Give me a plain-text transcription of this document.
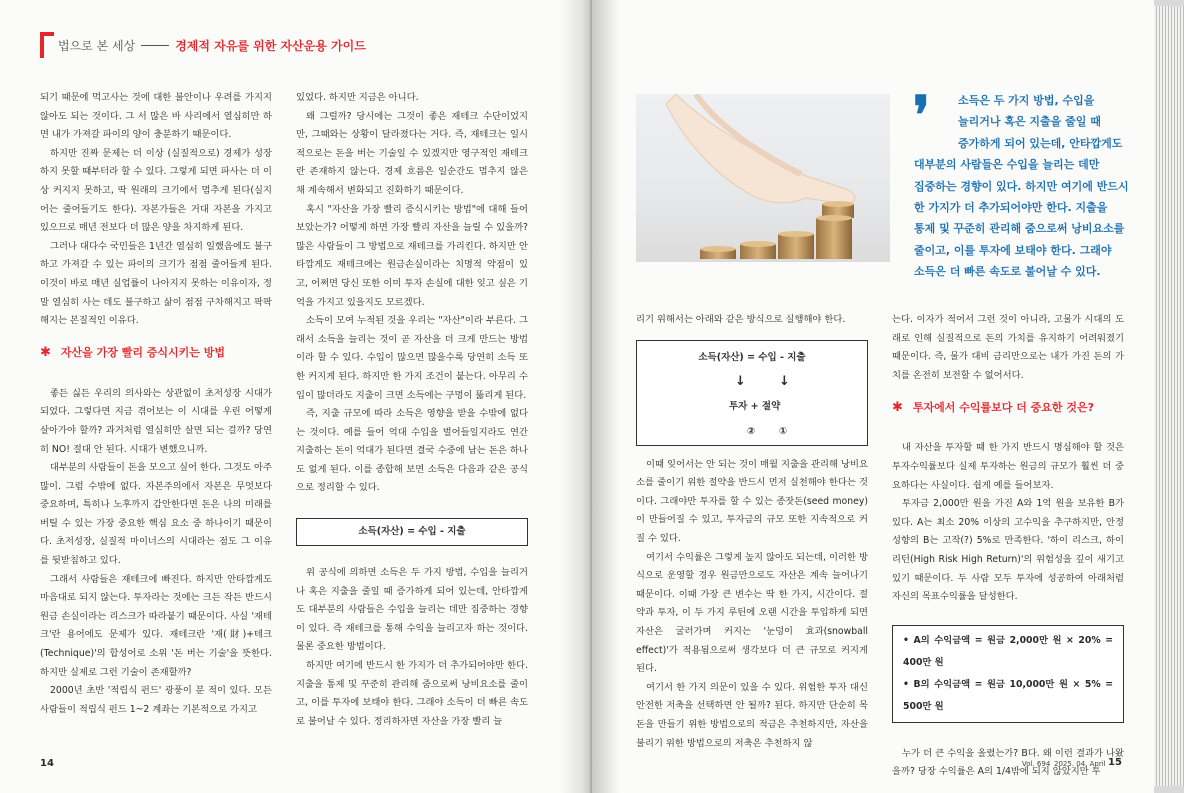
법으로 본 세상	경제적 자유를 위한 자산운용 가이드

되기 때문에 먹고사는 것에 대한 불안이나 우려를 가지지 않아도 되는 것이다. 그 서 많은 바 사리에서 열심히만 하면 내가 가져갈 파이의 양이 충분하기 때문이다.

하지만 진짜 문제는 더 이상 (실질적으로) 경제가 성장하지 못할 때부터라 할 수 있다. 그렇게 되면 파사는 더 이상 커지지 못하고, 딱 원래의 크기에서 멈추게 된다(실지어는 줄어들기도 한다). 자본가들은 거대 자본을 가지고 있으므로 매년 전보다 더 많은 양을 차지하게 된다.

그러나 대다수 국민들은 1년간 열심히 일했음에도 불구하고 가져갈 수 있는 파이의 크기가 점점 줄어들게 된다. 이것이 바로 매년 실업률이 나아지지 못하는 이유이자, 정말 열심히 사는 데도 불구하고 삶이 점점 구차해지고 팍팍해지는 본질적인 이유다.

✱ 자산을 가장 빨리 증식시키는 방법

좋든 싫든 우리의 의사와는 상관없이 초저성장 시대가 되었다. 그렇다면 지금 겪어보는 이 시대를 우린 어떻게 살아가야 할까? 과거처럼 열심히만 살면 되는 걸까? 당연히 NO! 절대 안 된다. 시대가 변했으니까.

대부분의 사람들이 돈을 모으고 싶어 한다. 그것도 아주 많이. 그럼 수밖에 없다. 자본주의에서 자본은 무엇보다 중요하며, 특히나 노후까지 감안한다면 돈은 나의 미래를 버틸 수 있는 가장 중요한 핵심 요소 중 하나이기 때문이다. 초저성장, 실질적 마이너스의 시대라는 점도 그 이유를 뒷받침하고 있다.

그래서 사람들은 재테크에 빠진다. 하지만 안타깝게도 마음대로 되지 않는다. 투자라는 것에는 크든 작든 반드시 원금 손실이라는 리스크가 따라붙기 때문이다. 사실 '재테크'란 용어에도 문제가 있다. 재테크란 '재(財)+테크(Technique)'의 합성어로 소위 '돈 버는 기술'을 뜻한다. 하지만 실제로 그런 기술이 존재할까?

2000년 초반 '적립식 펀드' 광풍이 분 적이 있다. 모든 사람들이 적립식 펀드 1~2 계좌는 기본적으로 가지고

있었다. 하지만 지금은 아니다.

왜 그럴까? 당시에는 그것이 좋은 재테크 수단이었지만, 그때와는 상황이 달라졌다는 거다. 즉, 재테크는 일시적으로는 돈을 버는 기술일 수 있겠지만 영구적인 재테크란 존재하지 않는다. 경제 흐름은 일순간도 멈추지 않은 채 계속해서 변화되고 진화하기 때문이다.

혹시 "자산을 가장 빨리 증식시키는 방법"에 대해 들어 보았는가? 어떻게 하면 가장 빨리 자산을 늘릴 수 있을까? 많은 사람들이 그 방법으로 재테크를 가리킨다. 하지만 안타깝게도 재테크에는 원금손실이라는 치명적 약점이 있고, 어쩌면 당신 또한 이미 투자 손실에 대한 잊고 싶은 기억을 가지고 있을지도 모르겠다.

소득이 모여 누적된 것을 우리는 "자산"이라 부른다. 그래서 소득을 늘리는 것이 곧 자산을 더 크게 만드는 방법이라 할 수 있다. 수입이 많으면 많을수록 당연히 소득 또한 커지게 된다. 하지만 한 가지 조건이 붙는다. 아무리 수입이 많더라도 지출이 크면 소득에는 구멍이 뚫리게 된다.

즉, 지출 규모에 따라 소득은 영향을 받을 수밖에 없다는 것이다. 예를 들어 억대 수입을 벌어들일지라도 연간 지출하는 돈이 억대가 된다면 결국 수중에 남는 돈은 하나도 없게 된다. 이를 종합해 보면 소득은 다음과 같은 공식으로 정리할 수 있다.

소득(자산) = 수입 - 지출

위 공식에 의하면 소득은 두 가지 방법, 수입을 늘리거나 혹은 지출을 줄일 때 증가하게 되어 있는데, 안타깝게도 대부분의 사람들은 수입을 늘리는 데만 집중하는 경향이 있다. 즉 재테크를 통해 수익을 늘리고자 하는 것이다. 물론 중요한 방법이다.

하지만 여기에 반드시 한 가지가 더 추가되어야만 한다. 지출을 통제 및 꾸준히 관리해 줌으로써 낭비요소를 줄이고, 이를 투자에 보태야 한다. 그래야 소득이 더 빠른 속도로 불어날 수 있다. 정리하자면 자산을 가장 빨리 늘

14
❜	소득은 두 가지 방법, 수입을
늘리거나 혹은 지출을 줄일 때
증가하게 되어 있는데, 안타깝게도
대부분의 사람들은 수입을 늘리는 데만
집중하는 경향이 있다. 하지만 여기에 반드시
한 가지가 더 추가되어야만 한다. 지출을
통제 및 꾸준히 관리해 줌으로써 낭비요소를
줄이고, 이를 투자에 보태야 한다. 그래야
소득은 더 빠른 속도로 불어날 수 있다.

리기 위해서는 아래와 같은 방식으로 실행해야 한다.

소득(자산) = 수입 - 지출
↓	↓
투자 + 절약
②	①

이때 잊어서는 안 되는 것이 매월 지출을 관리해 낭비요소를 줄이기 위한 절약을 반드시 먼저 실천해야 한다는 것이다. 그래야만 투자를 할 수 있는 종잣돈(seed money)이 만들어질 수 있고, 투자금의 규모 또한 지속적으로 커질 수 있다.

여기서 수익률은 그렇게 높지 않아도 되는데, 이러한 방식으로 운영할 경우 원금만으로도 자산은 계속 늘어나기 때문이다. 이때 가장 큰 변수는 딱 한 가지, 시간이다. 절약과 투자, 이 두 가지 루틴에 오랜 시간을 투입하게 되면 자산은 굴러가며 커지는 '눈덩이 효과(snowball effect)'가 적용됨으로써 생각보다 더 큰 규모로 커지게 된다.

여기서 한 가지 의문이 있을 수 있다. 위험한 투자 대신 안전한 저축을 선택하면 안 될까? 된다. 하지만 단순히 목돈을 만들기 위한 방법으로의 적금은 추천하지만, 자산을 불리기 위한 방법으로의 저축은 추천하지 않

는다. 이자가 적어서 그런 것이 아니라, 고물가 시대의 도래로 인해 실질적으로 돈의 가치를 유지하기 어려워졌기 때문이다. 즉, 물가 대비 금리만으로는 내가 가진 돈의 가치를 온전히 보전할 수 없어서다.

✱ 투자에서 수익률보다 더 중요한 것은?

내 자산을 투자할 때 한 가지 반드시 명심해야 할 것은 투자수익률보다 실제 투자하는 원금의 규모가 훨씬 더 중요하다는 사실이다. 쉽게 예를 들어보자.

투자금 2,000만 원을 가진 A와 1억 원을 보유한 B가 있다. A는 최소 20% 이상의 고수익을 추구하지만, 안정 성향의 B는 고작(?) 5%로 만족한다. '하이 리스크, 하이 리턴(High Risk High Return)'의 위험성을 깊이 새기고 있기 때문이다. 두 사람 모두 투자에 성공하여 아래처럼 자신의 목표수익률을 달성한다.

• A의 수익금액 = 원금 2,000만 원 × 20% = 400만 원
• B의 수익금액 = 원금 10,000만 원 × 5% = 500만 원

누가 더 큰 수익을 올렸는가? B다. 왜 이런 결과가 나왔을까? 당장 수익률은 A의 1/4밖에 되지 않았지만 투

Vol. 694 2025. 04. April 15
